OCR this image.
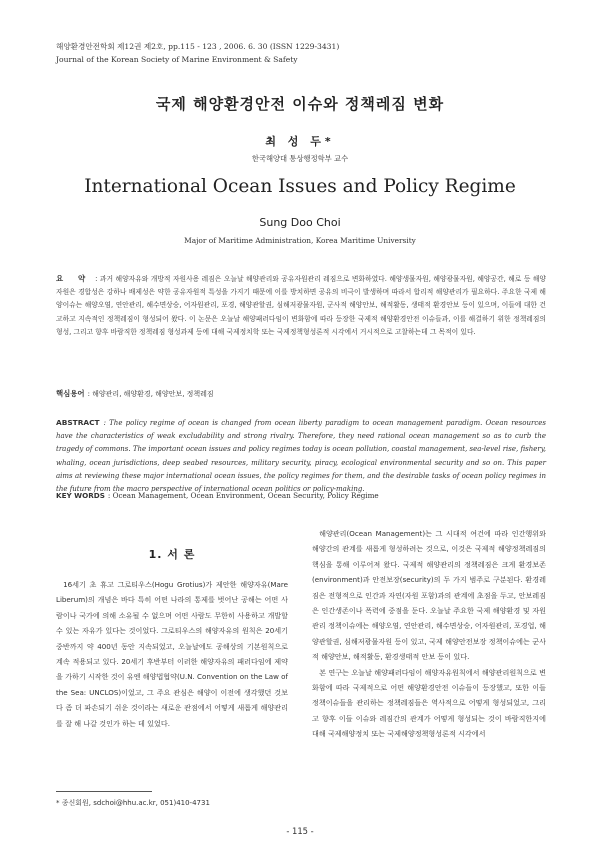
해양환경안전학회 제12권 제2호, pp.115 - 123 , 2006. 6. 30 (ISSN 1229-3431)
Journal of the Korean Society of Marine Environment & Safety
국제 해양환경안전 이슈와 정책레짐 변화
최 성 두*
한국해양대 통상행정학부 교수
International Ocean Issues and Policy Regime
Sung Doo Choi
Major of Maritime Administration, Korea Maritime University
요 약 : 과거 해양자유와 개방적 자원사용 레짐은 오늘날 해양관리와 공유자원관리 레짐으로 변화하였다. 해양생물자원, 해양광물자원, 해양공간, 해로 등 해양자원은 경합성은 강하나 배제성은 약한 공유자원적 특성을 가지기 때문에 이를 방치하면 공유의 비극이 발생하며 따라서 합리적 해양관리가 필요하다. 주요한 국제 해양이슈는 해양오염, 연안관리, 해수면상승, 어자원관리, 포경, 해양관할권, 심해저광물자원, 군사적 해양안보, 해적활동, 생태적 환경안보 등이 있으며, 이들에 대한 건고하고 지속적인 정책레짐이 형성되어 왔다. 이 논문은 오늘날 해양패러다임이 변화함에 따라 등장한 국제적 해양환경안전 이슈들과, 이를 해결하기 위한 정책레짐의 형성, 그리고 향후 바람직한 정책레짐 형성과제 등에 대해 국제정치학 또는 국제정책형성론적 시각에서 거시적으로 고찰하는데 그 목적이 있다.
핵심용어 : 해양관리, 해양환경, 해양안보, 정책레짐
ABSTRACT : The policy regime of ocean is changed from ocean liberty paradigm to ocean management paradigm. Ocean resources have the characteristics of weak excludability and strong rivalry. Therefore, they need rational ocean management so as to curb the tragedy of commons. The important ocean issues and policy regimes today is ocean pollution, coastal management, sea-level rise, fishery, whaling, ocean jurisdictions, deep seabed resources, military security, piracy, ecological environmental security and so on. This paper aims at reviewing these major international ocean issues, the policy regimes for them, and the desirable tasks of ocean policy regimes in the future from the macro perspective of international ocean politics or policy-making.
KEY WORDS : Ocean Management, Ocean Environment, Ocean Security, Policy Regime
1. 서 론

16세기 초 휴고 그로티우스(Hogu Grotius)가 제안한 해양자유(Mare Liberum)의 개념은 바다 특히 어떤 나라의 통제를 벗어난 공해는 어떤 사람이나 국가에 의해 소유될 수 없으며 어떤 사람도 무한히 사용하고 개발할 수 있는 자유가 있다는 것이었다. 그로티우스의 해양자유의 원칙은 20세기 중반까지 약 400년 동안 지속되었고, 오늘날에도 공해상의 기본원칙으로 계속 적용되고 있다. 20세기 후반부터 이러한 해양자유의 패러다임에 제약을 가하기 시작한 것이 유엔 해양법협약(U.N. Convention on the Law of the Sea: UNCLOS)이었고, 그 주요 관심은 해양이 이전에 생각했던 것보다 좀 더 파손되기 쉬운 것이라는 새로운 관점에서 어떻게 새롭게 해양관리를 잘 해 나갈 것인가 하는 데 있었다.

해양관리(Ocean Management)는 그 시대적 여건에 따라 인간행위와 해양간의 관계를 새롭게 형성하려는 것으로, 이것은 국제적 해양정책레짐의 핵심을 통해 이루어져 왔다. 국제적 해양관리의 정책레짐은 크게 환경보존(environment)과 안전보장(security)의 두 가지 범주로 구분된다. 환경레짐은 전형적으로 인간과 자연(자원 포함)과의 관계에 초점을 두고, 안보레짐은 인간생존이나 폭력에 중점을 둔다. 오늘날 주요한 국제 해양환경 및 자원관리 정책이슈에는 해양오염, 연안관리, 해수면상승, 어자원관리, 포경업, 해양관할권, 심해저광물자원 등이 있고, 국제 해양안전보장 정책이슈에는 군사적 해양안보, 해적활동, 환경생태적 안보 등이 있다.

본 연구는 오늘날 해양패러다임이 해양자유원칙에서 해양관리원칙으로 변화함에 따라 국제적으로 어떤 해양환경안전 이슈들이 등장했고, 또한 이들 정책이슈들을 관리하는 정책레짐들은 역사적으로 어떻게 형성되었고, 그리고 향후 이들 이슈와 레짐간의 관계가 어떻게 형성되는 것이 바람직한지에 대해 국제해양정치 또는 국제해양정책형성론적 시각에서

* 종신회원, sdchoi@hhu.ac.kr, 051)410-4731
- 115 -
